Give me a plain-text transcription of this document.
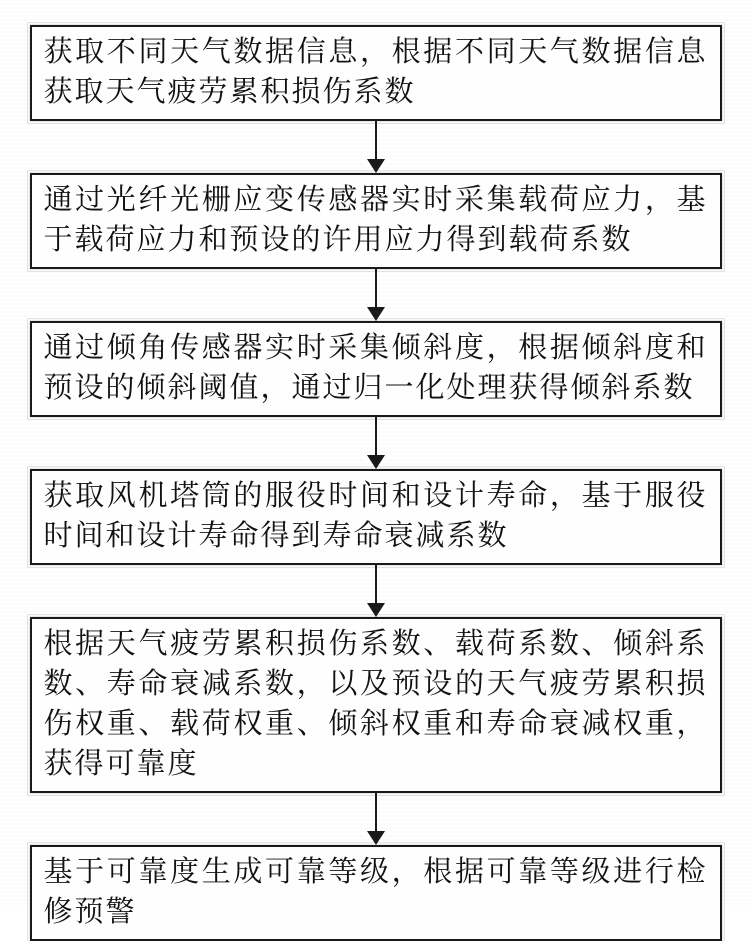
获取不同天气数据信息，根据不同天气数据信息获取天气疲劳累积损伤系数
通过光纤光栅应变传感器实时采集载荷应力，基于载荷应力和预设的许用应力得到载荷系数
通过倾角传感器实时采集倾斜度，根据倾斜度和预设的倾斜阈值，通过归一化处理获得倾斜系数
获取风机塔筒的服役时间和设计寿命，基于服役时间和设计寿命得到寿命衰减系数
根据天气疲劳累积损伤系数、载荷系数、倾斜系数、寿命衰减系数，以及预设的天气疲劳累积损伤权重、载荷权重、倾斜权重和寿命衰减权重，获得可靠度
基于可靠度生成可靠等级，根据可靠等级进行检修预警
